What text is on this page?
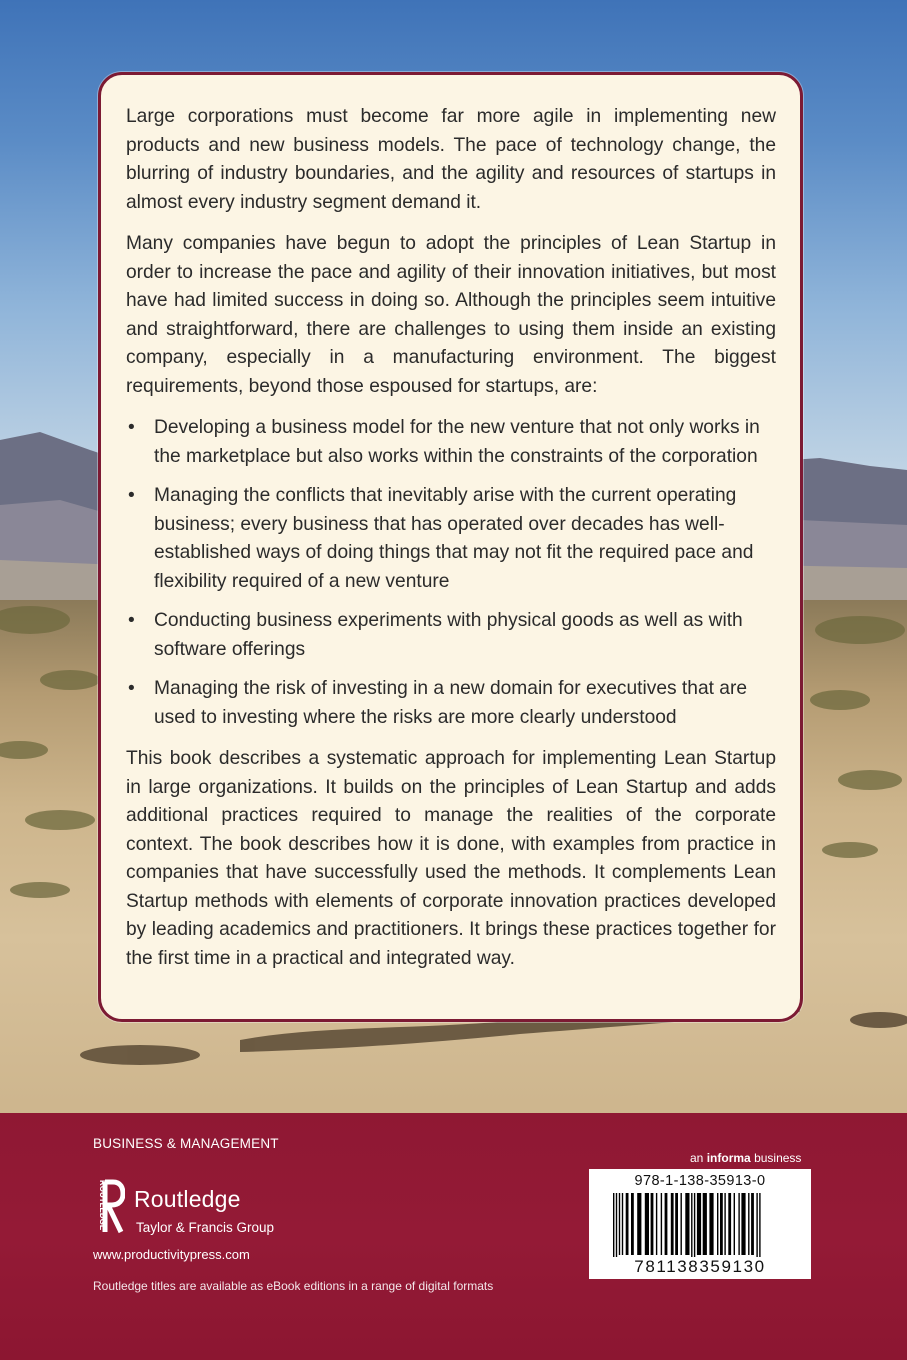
Large corporations must become far more agile in implementing new products and new business models. The pace of technology change, the blurring of industry boundaries, and the agility and resources of startups in almost every industry segment demand it.

Many companies have begun to adopt the principles of Lean Startup in order to increase the pace and agility of their innovation initiatives, but most have had limited success in doing so. Although the principles seem intuitive and straightforward, there are challenges to using them inside an existing company, especially in a manufacturing environment. The biggest requirements, beyond those espoused for startups, are:

• Developing a business model for the new venture that not only works in the marketplace but also works within the constraints of the corporation
• Managing the conflicts that inevitably arise with the current operating business; every business that has operated over decades has well-established ways of doing things that may not fit the required pace and flexibility required of a new venture
• Conducting business experiments with physical goods as well as with software offerings
• Managing the risk of investing in a new domain for executives that are used to investing where the risks are more clearly understood

This book describes a systematic approach for implementing Lean Startup in large organizations. It builds on the principles of Lean Startup and adds additional practices required to manage the realities of the corporate context. The book describes how it is done, with examples from practice in companies that have successfully used the methods. It complements Lean Startup methods with elements of corporate innovation practices developed by leading academics and practitioners. It brings these practices together for the first time in a practical and integrated way.

BUSINESS & MANAGEMENT
ROUTLEDGE Routledge
Taylor & Francis Group
www.productivitypress.com
Routledge titles are available as eBook editions in a range of digital formats
an informa business
978-1-138-35913-0
781138359130
